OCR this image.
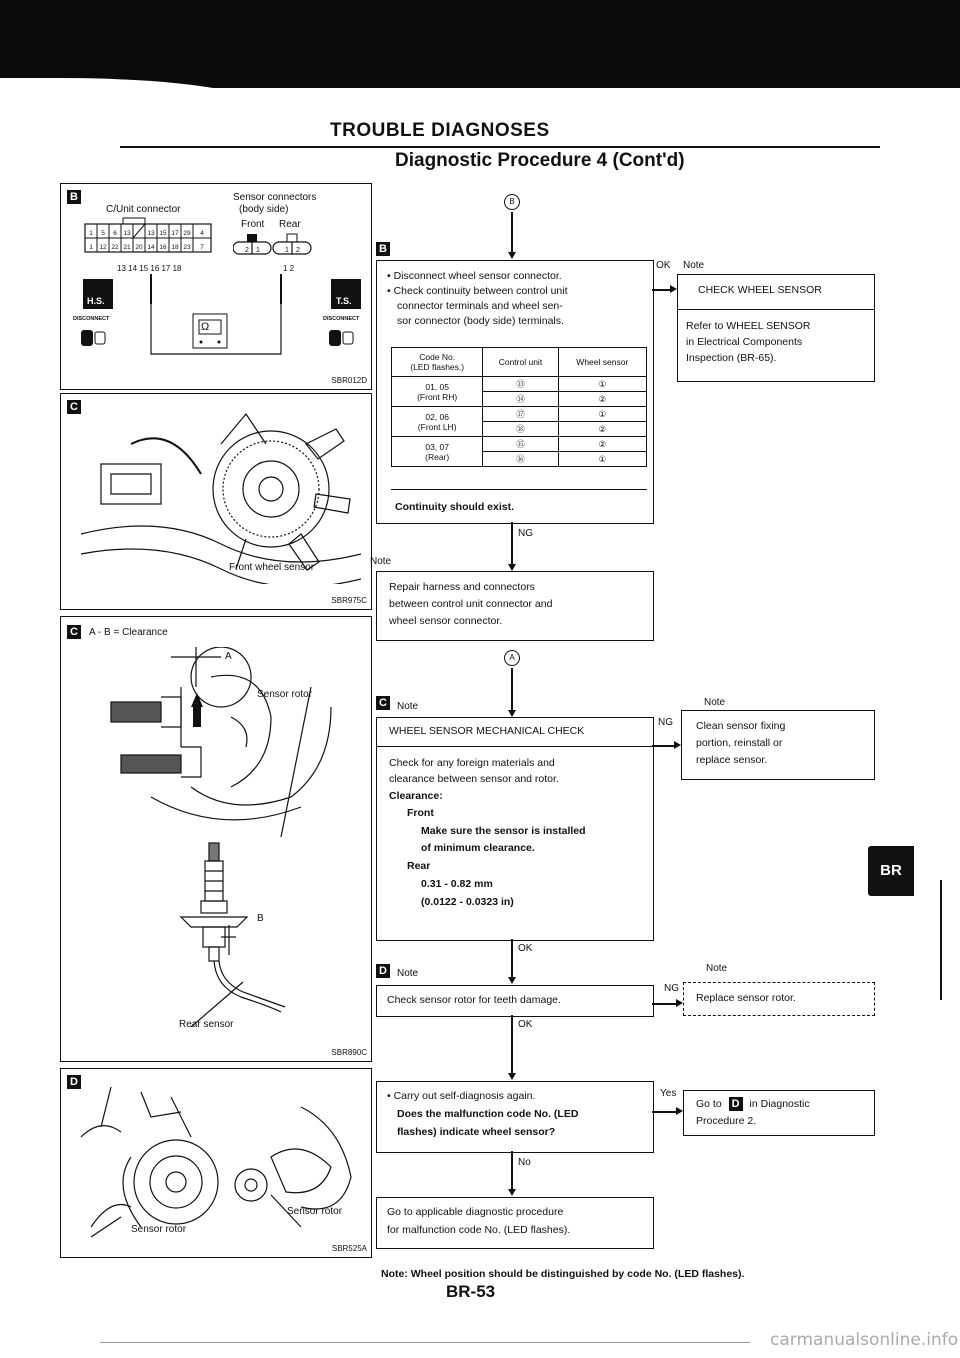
TROUBLE DIAGNOSES
Diagnostic Procedure 4 (Cont'd)
B
C/Unit connector
Sensor connectors
(body side)
Front Rear
1 5 6 13	13 15 17 29 4
1 12 22 21 20 14 16 18 23 7
13 14 15 16 17 18
2 1	1 2
1 2
Ω
H.S.	T.S.
DISCONNECT	DISCONNECT
SBR012D
C
Front wheel sensor
SBR975C
C	A - B = Clearance
A
Sensor rotor
B
Rear sensor
SBR890C
D
Sensor rotor
Sensor rotor
SBR525A
B
B
• Disconnect wheel sensor connector.
• Check continuity between control unit
connector terminals and wheel sen-
sor connector (body side) terminals.
Code No.
(LED flashes.)	Control unit	Wheel sensor
01, 05
(Front RH)	⑬	①
	⑭	②
02, 06
(Front LH)	⑰	①
	⑱	②
03, 07
(Rear)	⑮	②
	⑯	①
Continuity should exist.
OK Note
CHECK WHEEL SENSOR
Refer to WHEEL SENSOR
in Electrical Components
Inspection (BR-65).
NG
Note
Repair harness and connectors
between control unit connector and
wheel sensor connector.
A
C	Note
WHEEL SENSOR MECHANICAL CHECK
Check for any foreign materials and
clearance between sensor and rotor.
Clearance:
Front
Make sure the sensor is installed
of minimum clearance.
Rear
0.31 - 0.82 mm
(0.0122 - 0.0323 in)
NG
Note
Clean sensor fixing
portion, reinstall or
replace sensor.
OK
D	Note
Check sensor rotor for teeth damage.
NG
Note
Replace sensor rotor.
OK
• Carry out self-diagnosis again.
Does the malfunction code No. (LED
flashes) indicate wheel sensor?
Yes
Go to D in Diagnostic
Procedure 2.
No
Go to applicable diagnostic procedure
for malfunction code No. (LED flashes).
Note: Wheel position should be distinguished by code No. (LED flashes).
BR
BR-53
carmanualsonline.info
